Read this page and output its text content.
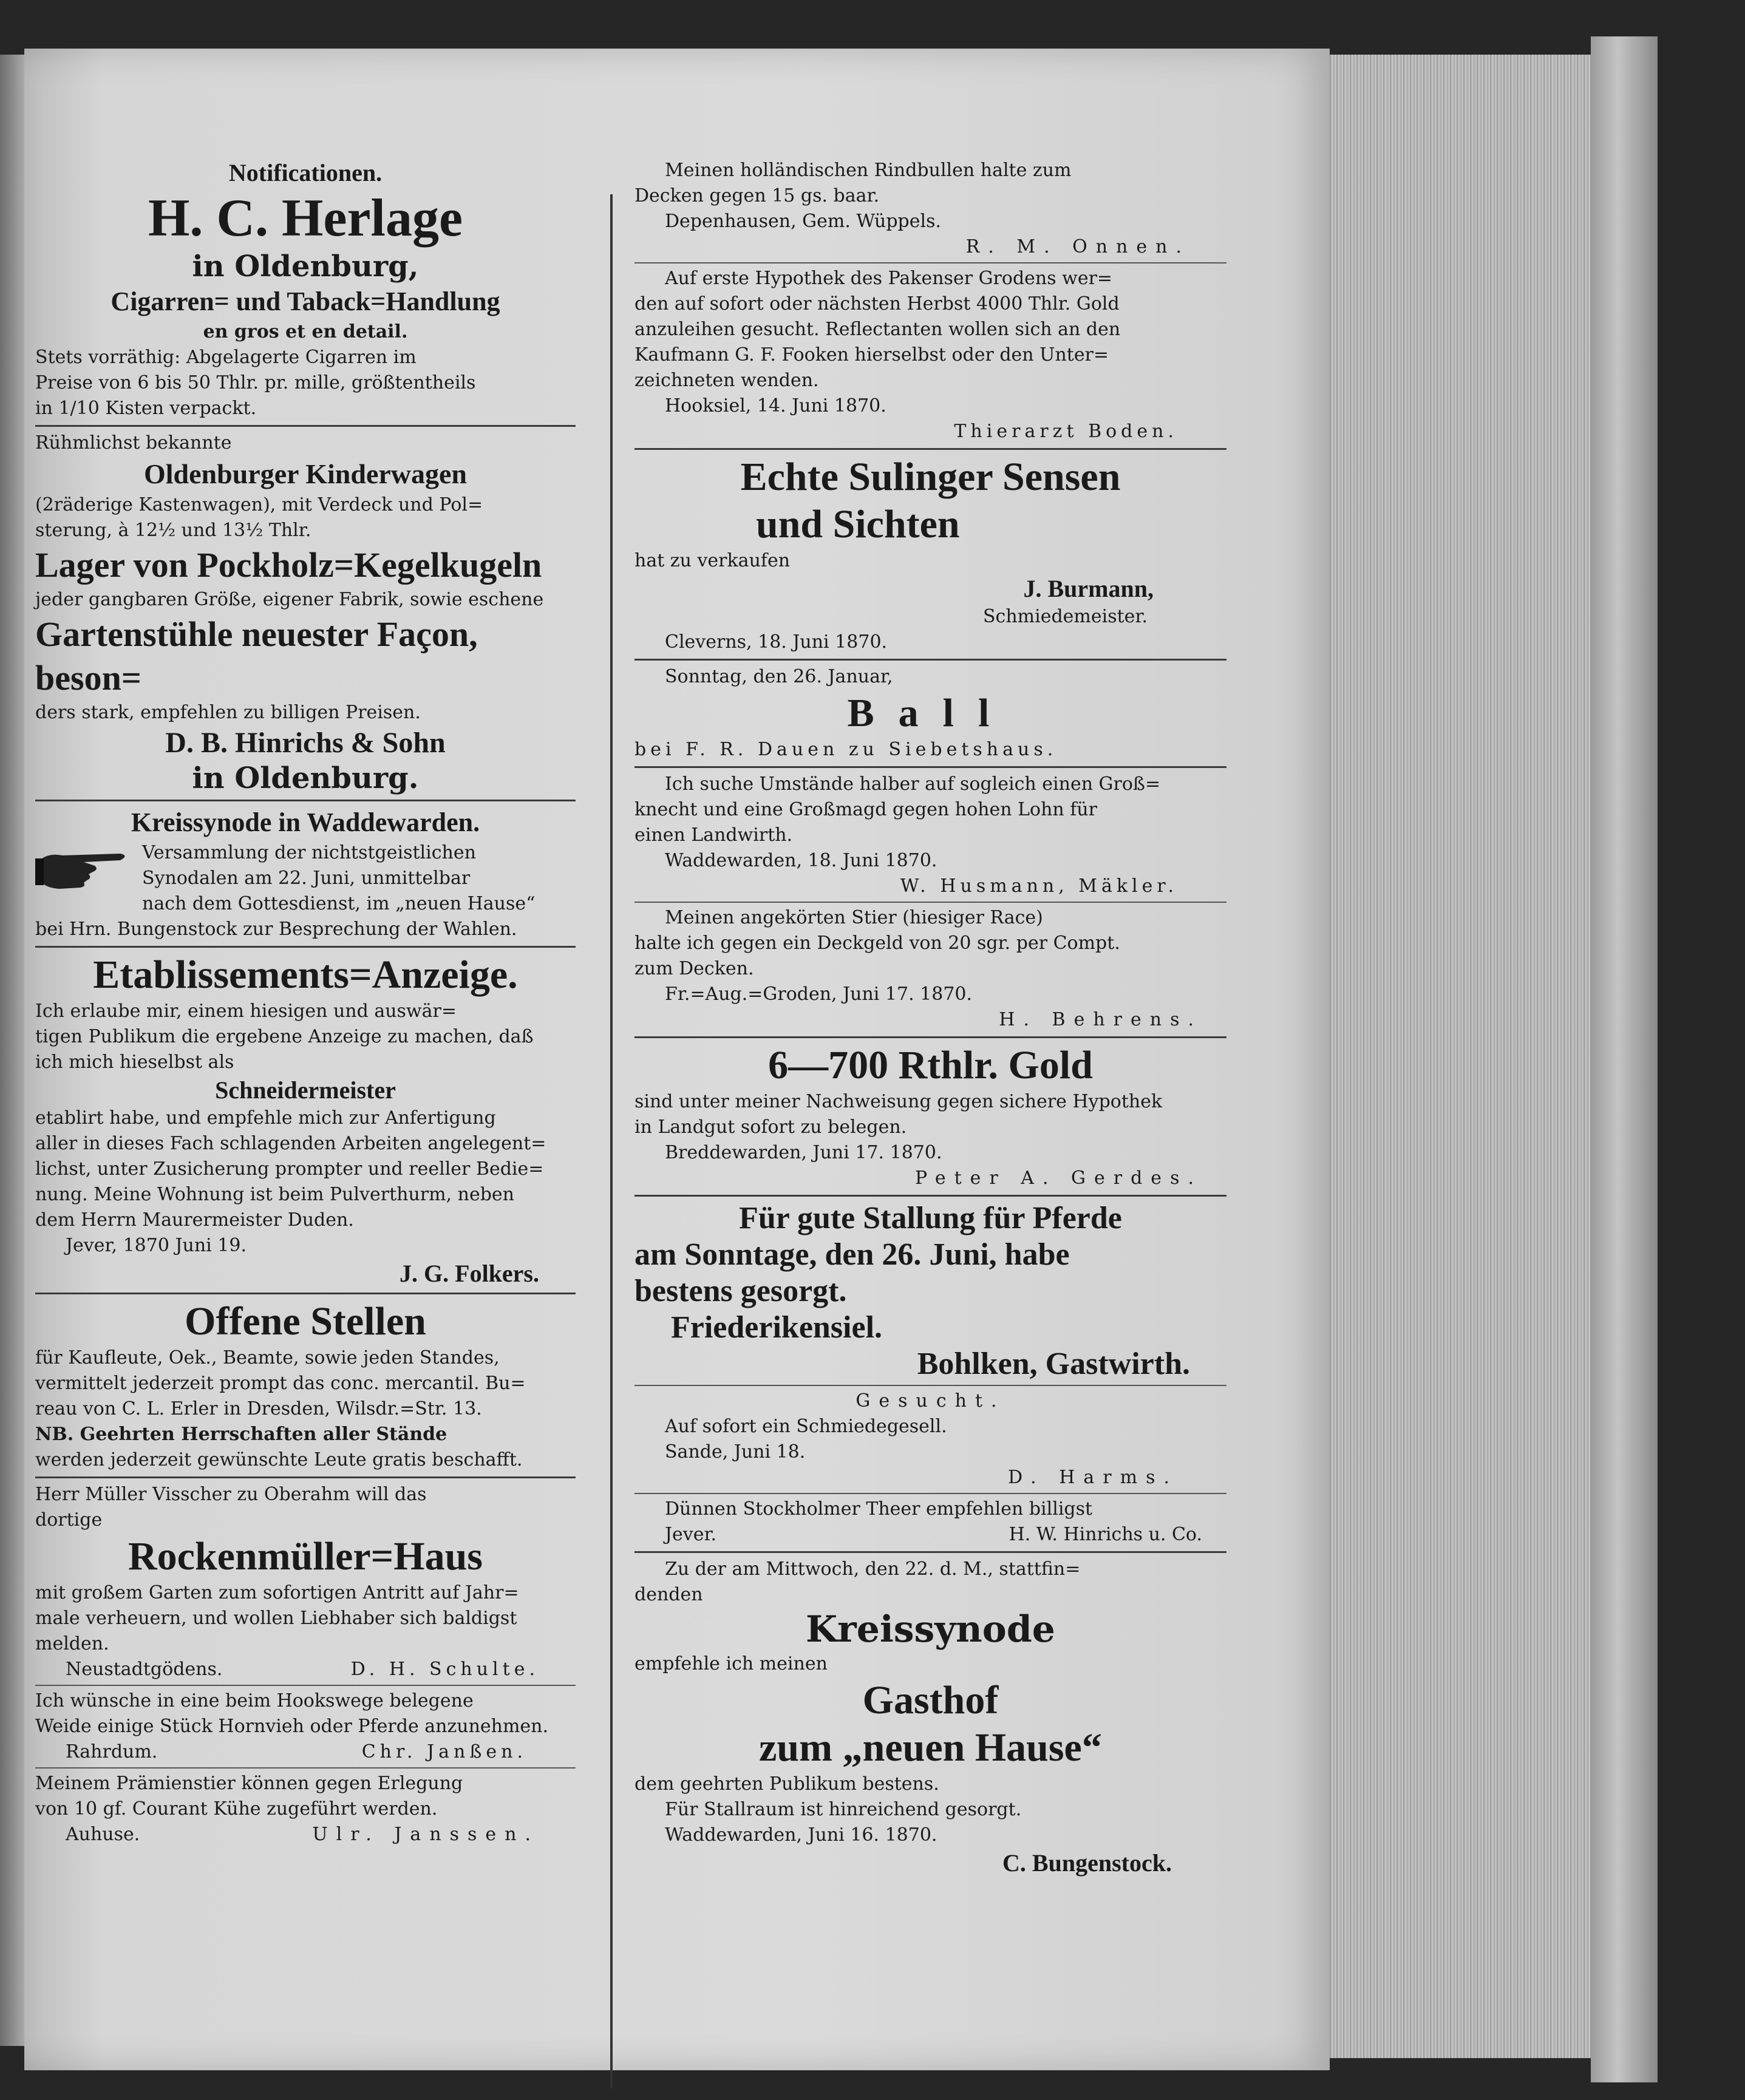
Notificationen.

H. C. Herlage

in Oldenburg,

Cigarren= und Taback=Handlung

en gros et en detail.

Stets vorräthig: Abgelagerte Cigarren im

Preise von 6 bis 50 Thlr. pr. mille, größtentheils

in 1/10 Kisten verpackt.

Rühmlichst bekannte

Oldenburger Kinderwagen

(2räderige Kastenwagen), mit Verdeck und Pol=

sterung, à 12½ und 13½ Thlr.

Lager von Pockholz=Kegelkugeln

jeder gangbaren Größe, eigener Fabrik, sowie eschene

Gartenstühle neuester Façon, beson=

ders stark, empfehlen zu billigen Preisen.

D. B. Hinrichs & Sohn

in Oldenburg.

Kreissynode in Waddewarden.

Versammlung der nichtstgeistlichen

Synodalen am 22. Juni, unmittelbar

nach dem Gottesdienst, im „neuen Hause“

bei Hrn. Bungenstock zur Besprechung der Wahlen.

Etablissements=Anzeige.

Ich erlaube mir, einem hiesigen und auswär=

tigen Publikum die ergebene Anzeige zu machen, daß

ich mich hieselbst als

Schneidermeister

etablirt habe, und empfehle mich zur Anfertigung

aller in dieses Fach schlagenden Arbeiten angelegent=

lichst, unter Zusicherung prompter und reeller Bedie=

nung. Meine Wohnung ist beim Pulverthurm, neben

dem Herrn Maurermeister Duden.

Jever, 1870 Juni 19.

J. G. Folkers.

Offene Stellen

für Kaufleute, Oek., Beamte, sowie jeden Standes,

vermittelt jederzeit prompt das conc. mercantil. Bu=

reau von C. L. Erler in Dresden, Wilsdr.=Str. 13.

NB. Geehrten Herrschaften aller Stände

werden jederzeit gewünschte Leute gratis beschafft.

Herr Müller Visscher zu Oberahm will das

dortige

Rockenmüller=Haus

mit großem Garten zum sofortigen Antritt auf Jahr=

male verheuern, und wollen Liebhaber sich baldigst

melden.

Neustadtgödens.	D. H. Schulte.

Ich wünsche in eine beim Hookswege belegene

Weide einige Stück Hornvieh oder Pferde anzunehmen.

Rahrdum.	Chr. Janßen.

Meinem Prämienstier können gegen Erlegung

von 10 gf. Courant Kühe zugeführt werden.

Auhuse.	Ulr. Janssen.

Meinen holländischen Rindbullen halte zum

Decken gegen 15 gs. baar.

Depenhausen, Gem. Wüppels.

R. M. Onnen.

Auf erste Hypothek des Pakenser Grodens wer=

den auf sofort oder nächsten Herbst 4000 Thlr. Gold

anzuleihen gesucht. Reflectanten wollen sich an den

Kaufmann G. F. Fooken hierselbst oder den Unter=

zeichneten wenden.

Hooksiel, 14. Juni 1870.

Thierarzt Boden.

Echte Sulinger Sensen

und Sichten

hat zu verkaufen

J. Burmann,

Schmiedemeister.

Cleverns, 18. Juni 1870.

Sonntag, den 26. Januar,

Ball

bei F. R. Dauen zu Siebetshaus.

Ich suche Umstände halber auf sogleich einen Groß=

knecht und eine Großmagd gegen hohen Lohn für

einen Landwirth.

Waddewarden, 18. Juni 1870.

W. Husmann, Mäkler.

Meinen angekörten Stier (hiesiger Race)

halte ich gegen ein Deckgeld von 20 sgr. per Compt.

zum Decken.

Fr.=Aug.=Groden, Juni 17. 1870.

H. Behrens.

6—700 Rthlr. Gold

sind unter meiner Nachweisung gegen sichere Hypothek

in Landgut sofort zu belegen.

Breddewarden, Juni 17. 1870.

Peter A. Gerdes.

Für gute Stallung für Pferde

am Sonntage, den 26. Juni, habe

bestens gesorgt.

Friederikensiel.

Bohlken, Gastwirth.

Gesucht.

Auf sofort ein Schmiedegesell.

Sande, Juni 18.

D. Harms.

Dünnen Stockholmer Theer empfehlen billigst

Jever.	H. W. Hinrichs u. Co.

Zu der am Mittwoch, den 22. d. M., stattfin=

denden

Kreissynode

empfehle ich meinen

Gasthof

zum „neuen Hause“

dem geehrten Publikum bestens.

Für Stallraum ist hinreichend gesorgt.

Waddewarden, Juni 16. 1870.

C. Bungenstock.
